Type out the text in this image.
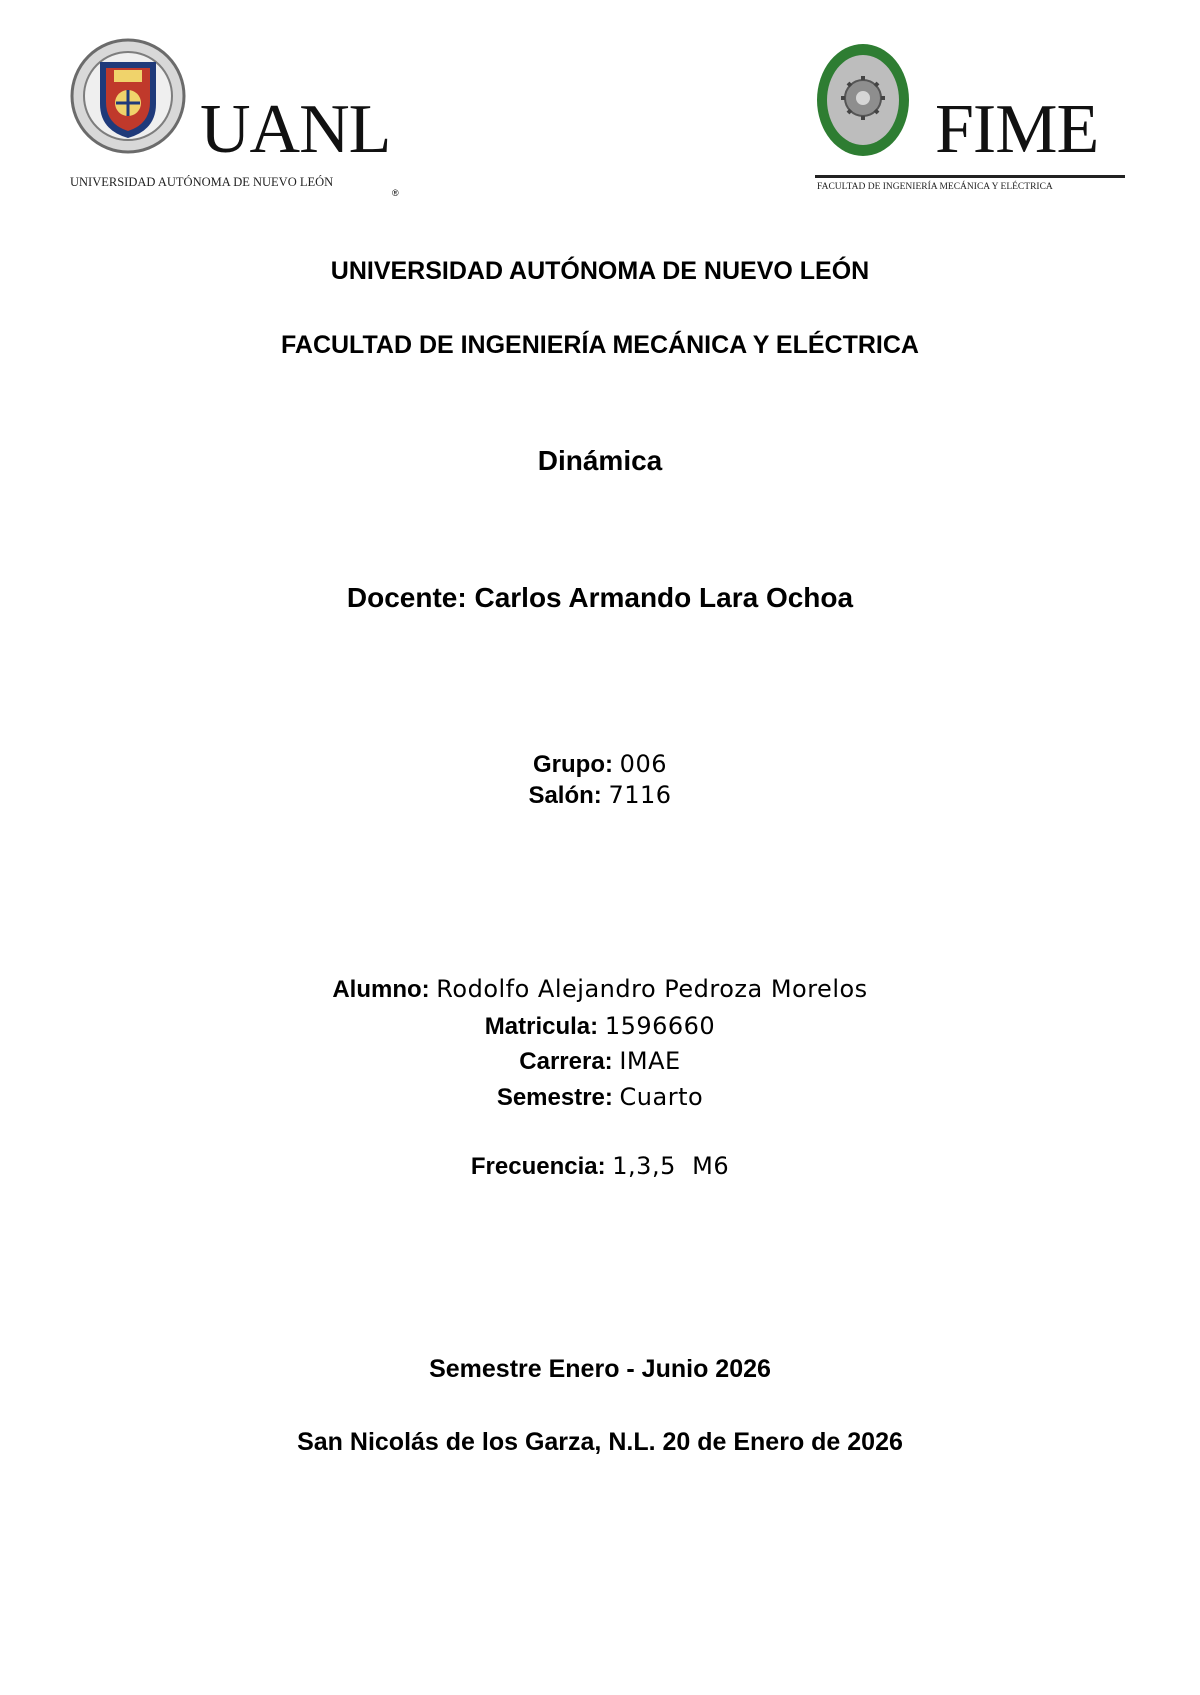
UANL
UNIVERSIDAD AUTÓNOMA DE NUEVO LEÓN
®
FIME
FACULTAD DE INGENIERÍA MECÁNICA Y ELÉCTRICA
UNIVERSIDAD AUTÓNOMA DE NUEVO LEÓN
FACULTAD DE INGENIERÍA MECÁNICA Y ELÉCTRICA
Dinámica
Docente: Carlos Armando Lara Ochoa
Grupo: 006
Salón: 7116
Alumno: Rodolfo Alejandro Pedroza Morelos
Matricula: 1596660
Carrera: IMAE
Semestre: Cuarto
Frecuencia: 1,3,5  M6
Semestre Enero - Junio 2026
San Nicolás de los Garza, N.L. 20 de Enero de 2026
